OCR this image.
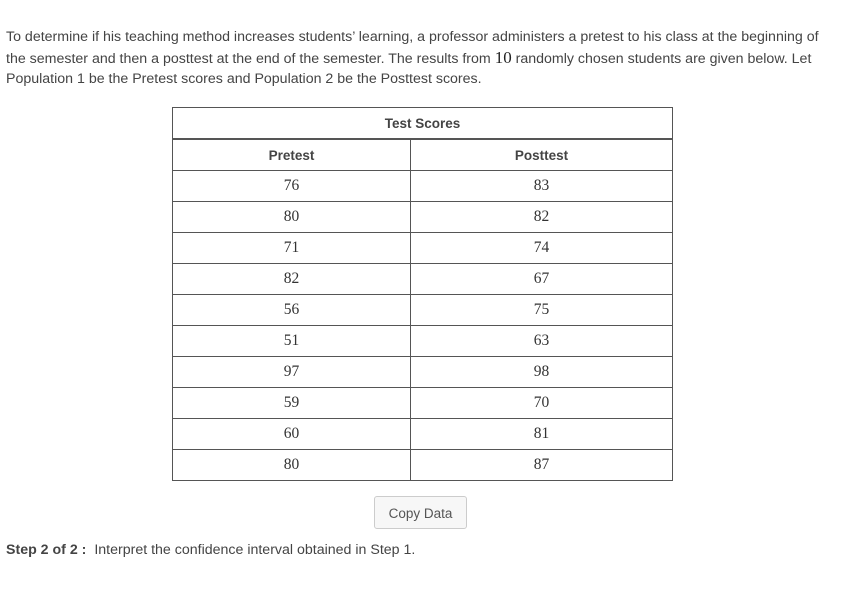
To determine if his teaching method increases students’ learning, a professor administers a pretest to his class at the beginning of the semester and then a posttest at the end of the semester. The results from 10 randomly chosen students are given below. Let Population 1 be the Pretest scores and Population 2 be the Posttest scores.

Test Scores	
Pretest	Posttest
76	83
80	82
71	74
82	67
56	75
51	63
97	98
59	70
60	81
80	87
Copy Data
Step 2 of 2 : Interpret the confidence interval obtained in Step 1.
